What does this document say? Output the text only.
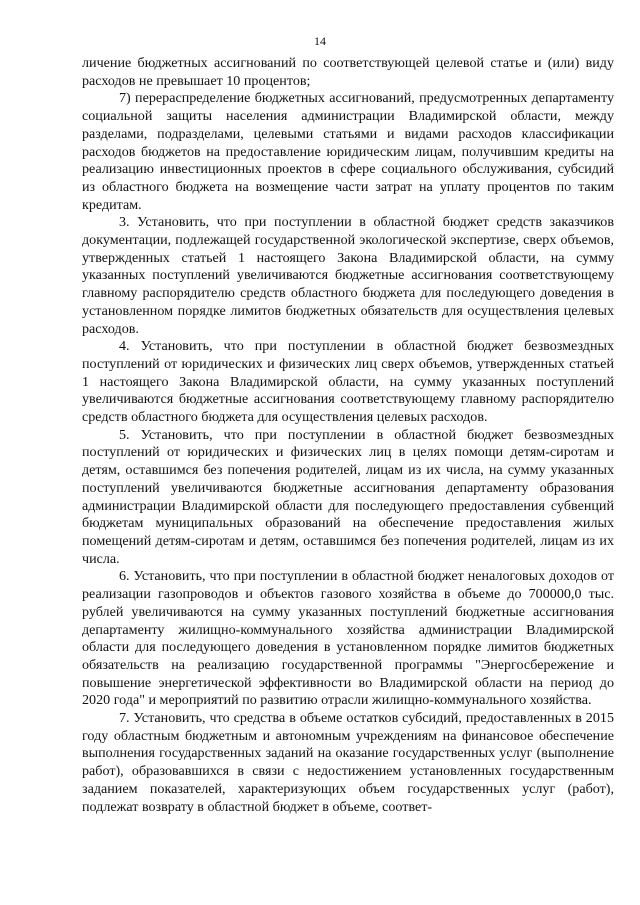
14

личение бюджетных ассигнований по соответствующей целевой статье и (или) виду расходов не превышает 10 процентов;

7) перераспределение бюджетных ассигнований, предусмотренных департаменту социальной защиты населения администрации Владимирской области, между разделами, подразделами, целевыми статьями и видами расходов классификации расходов бюджетов на предоставление юридическим лицам, получившим кредиты на реализацию инвестиционных проектов в сфере социального обслуживания, субсидий из областного бюджета на возмещение части затрат на уплату процентов по таким кредитам.

3. Установить, что при поступлении в областной бюджет средств заказчиков документации, подлежащей государственной экологической экспертизе, сверх объемов, утвержденных статьей 1 настоящего Закона Владимирской области, на сумму указанных поступлений увеличиваются бюджетные ассигнования соответствующему главному распорядителю средств областного бюджета для последующего доведения в установленном порядке лимитов бюджетных обязательств для осуществления целевых расходов.

4. Установить, что при поступлении в областной бюджет безвозмездных поступлений от юридических и физических лиц сверх объемов, утвержденных статьей 1 настоящего Закона Владимирской области, на сумму указанных поступлений увеличиваются бюджетные ассигнования соответствующему главному распорядителю средств областного бюджета для осуществления целевых расходов.

5. Установить, что при поступлении в областной бюджет безвозмездных поступлений от юридических и физических лиц в целях помощи детям-сиротам и детям, оставшимся без попечения родителей, лицам из их числа, на сумму указанных поступлений увеличиваются бюджетные ассигнования департаменту образования администрации Владимирской области для последующего предоставления субвенций бюджетам муниципальных образований на обеспечение предоставления жилых помещений детям-сиротам и детям, оставшимся без попечения родителей, лицам из их числа.

6. Установить, что при поступлении в областной бюджет неналоговых доходов от реализации газопроводов и объектов газового хозяйства в объеме до 700000,0 тыс. рублей увеличиваются на сумму указанных поступлений бюджетные ассигнования департаменту жилищно-коммунального хозяйства администрации Владимирской области для последующего доведения в установленном порядке лимитов бюджетных обязательств на реализацию государственной программы "Энергосбережение и повышение энергетической эффективности во Владимирской области на период до 2020 года" и мероприятий по развитию отрасли жилищно-коммунального хозяйства.

7. Установить, что средства в объеме остатков субсидий, предоставленных в 2015 году областным бюджетным и автономным учреждениям на финансовое обеспечение выполнения государственных заданий на оказание государственных услуг (выполнение работ), образовавшихся в связи с недостижением установленных государственным заданием показателей, характеризующих объем государственных услуг (работ), подлежат возврату в областной бюджет в объеме, соответ-
